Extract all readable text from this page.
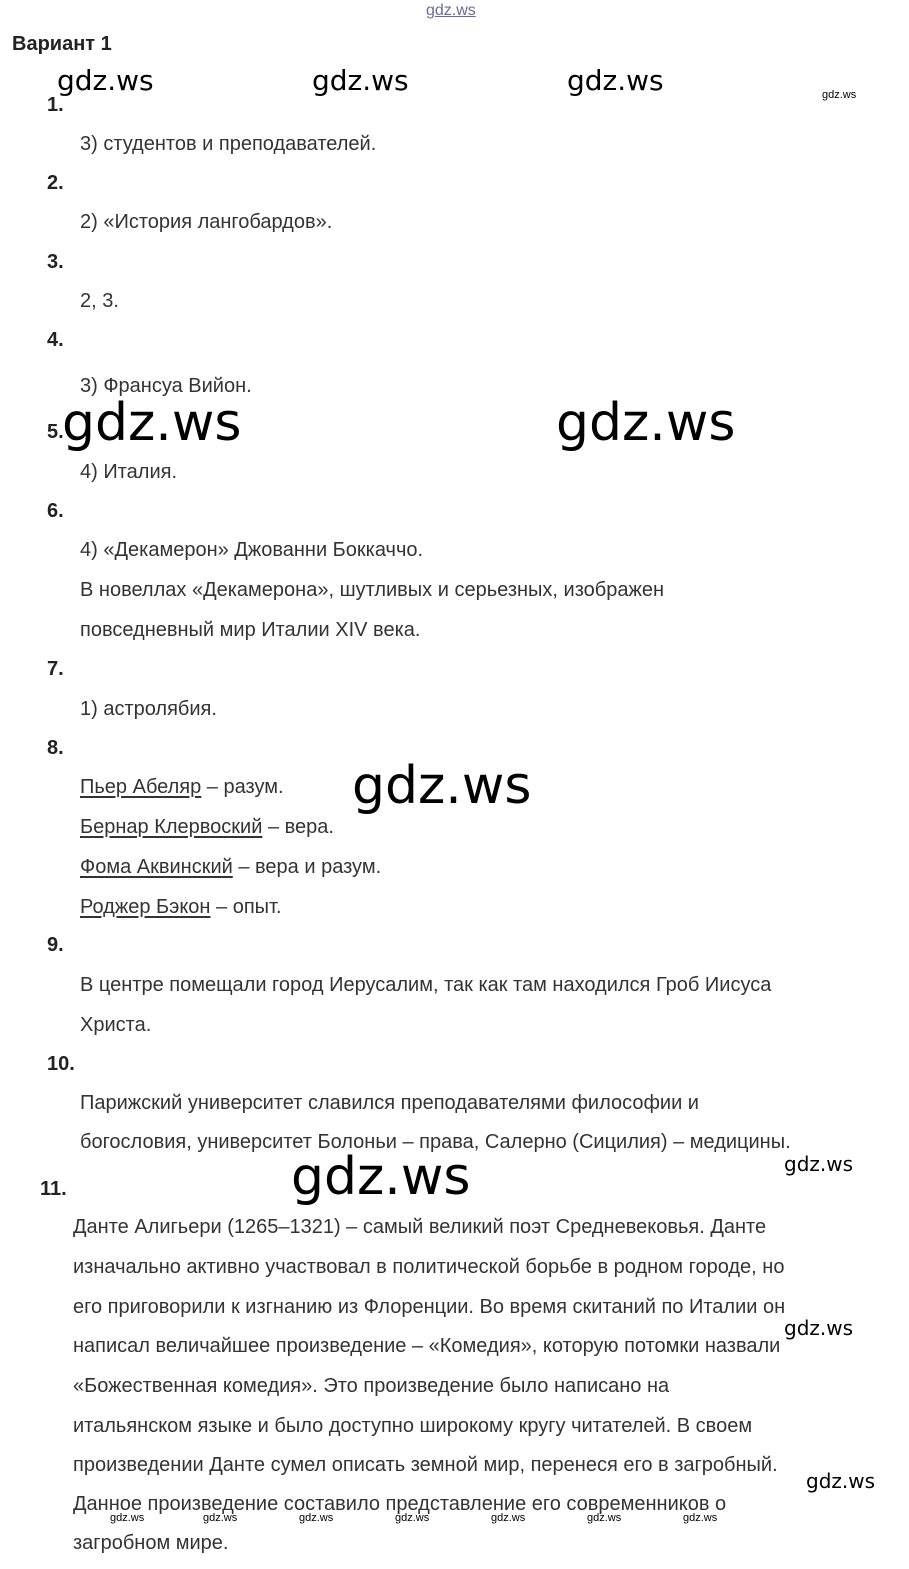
gdz.ws
Вариант 1
1.
2.
3.
4.
5.
6.
7.
8.
9.
10.
11.
3) студентов и преподавателей.
2) «История лангобардов».
2, 3.
3) Франсуа Вийон.
4) Италия.
4) «Декамерон» Джованни Боккаччо.
В новеллах «Декамерона», шутливых и серьезных, изображен
повседневный мир Италии XIV века.
1) астролябия.
Пьер Абеляр – разум.
Бернар Клервоский – вера.
Фома Аквинский – вера и разум.
Роджер Бэкон – опыт.
В центре помещали город Иерусалим, так как там находился Гроб Иисуса
Христа.
Парижский университет славился преподавателями философии и
богословия, университет Болоньи – права, Салерно (Сицилия) – медицины.
Данте Алигьери (1265–1321) – самый великий поэт Средневековья. Данте
изначально активно участвовал в политической борьбе в родном городе, но
его приговорили к изгнанию из Флоренции. Во время скитаний по Италии он
написал величайшее произведение – «Комедия», которую потомки назвали
«Божественная комедия». Это произведение было написано на
итальянском языке и было доступно широкому кругу читателей. В своем
произведении Данте сумел описать земной мир, перенеся его в загробный.
Данное произведение составило представление его современников о
загробном мире.
gdz.ws	gdz.ws	gdz.ws	gdz.ws
gdz.ws	gdz.ws
gdz.ws
gdz.ws	gdz.ws
gdz.ws
gdz.ws
gdz.ws	gdz.ws	gdz.ws	gdz.ws	gdz.ws	gdz.ws	gdz.ws
